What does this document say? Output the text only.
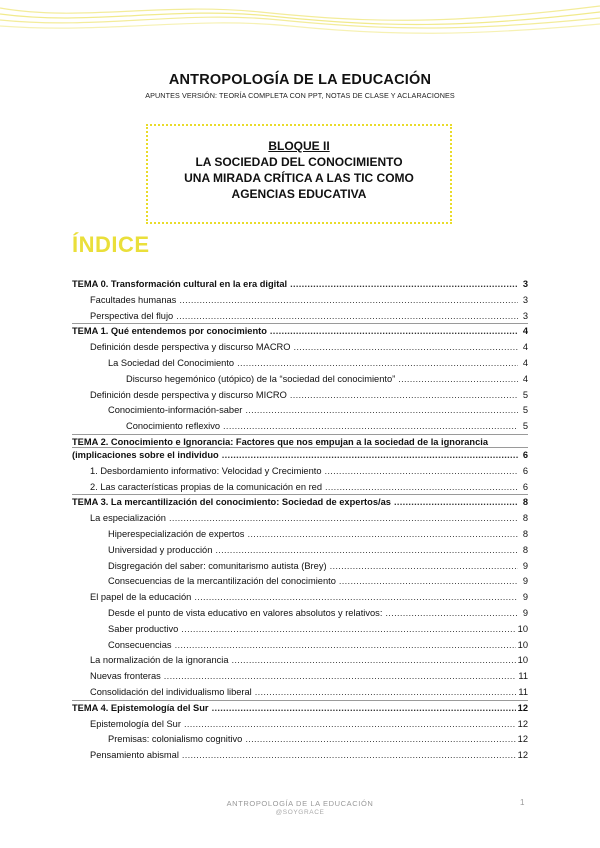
ANTROPOLOGÍA DE LA EDUCACIÓN
APUNTES VERSIÓN: TEORÍA COMPLETA CON PPT, NOTAS DE CLASE Y ACLARACIONES
BLOQUE II
LA SOCIEDAD DEL CONOCIMIENTO
UNA MIRADA CRÍTICA A LAS TIC COMO
AGENCIAS EDUCATIVA
ÍNDICE
TEMA 0. Transformación cultural en la era digital .....	3
Facultades humanas .....	3
Perspectiva del flujo .....	3
TEMA 1. Qué entendemos por conocimiento .....	4
Definición desde perspectiva y discurso MACRO .....	4
La Sociedad del Conocimiento .....	4
Discurso hegemónico (utópico) de la “sociedad del conocimiento” .....	4
Definición desde perspectiva y discurso MICRO .....	5
Conocimiento-información-saber .....	5
Conocimiento reflexivo .....	5
TEMA 2. Conocimiento e Ignorancia: Factores que nos empujan a la sociedad de la ignorancia
(implicaciones sobre el individuo .....	6
1. Desbordamiento informativo: Velocidad y Crecimiento .....	6
2. Las características propias de la comunicación en red .....	6
TEMA 3. La mercantilización del conocimiento: Sociedad de expertos/as .....	8
La especialización .....	8
Hiperespecialización de expertos .....	8
Universidad y producción .....	8
Disgregación del saber: comunitarismo autista (Brey) .....	9
Consecuencias de la mercantilización del conocimiento .....	9
El papel de la educación .....	9
Desde el punto de vista educativo en valores absolutos y relativos: .....	9
Saber productivo .....	10
Consecuencias .....	10
La normalización de la ignorancia .....	10
Nuevas fronteras .....	11
Consolidación del individualismo liberal .....	11
TEMA 4. Epistemología del Sur .....	12
Epistemología del Sur .....	12
Premisas: colonialismo cognitivo .....	12
Pensamiento abismal .....	12
ANTROPOLOGÍA DE LA EDUCACIÓN
@SOYGRACE
1
